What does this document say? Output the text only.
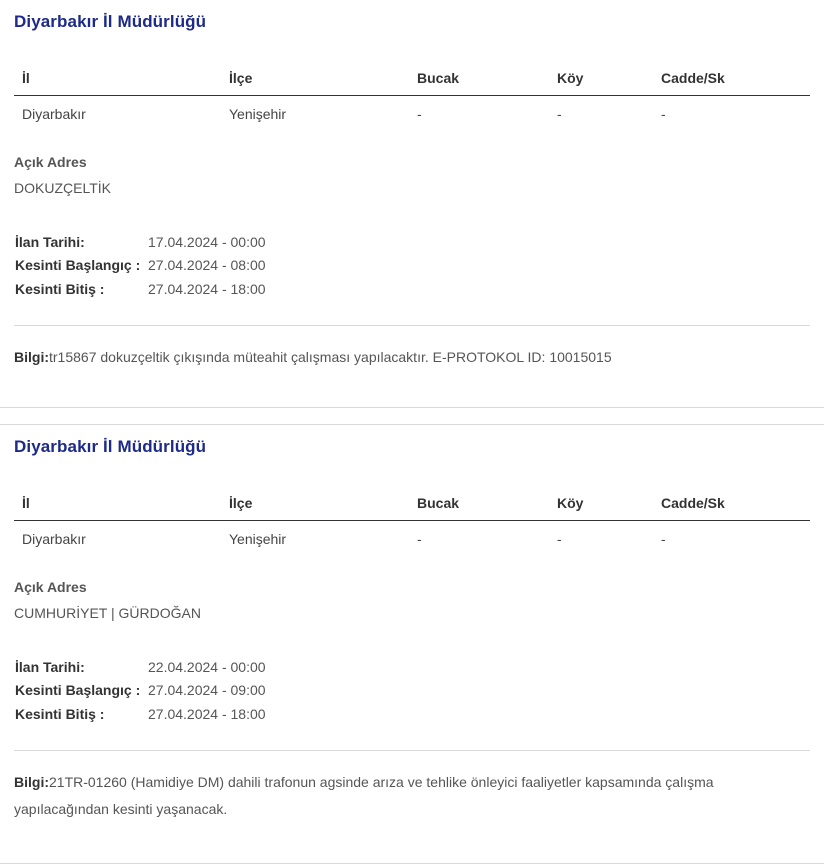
Diyarbakır İl Müdürlüğü
İl	İlçe	Bucak	Köy	Cadde/Sk
Diyarbakır	Yenişehir	-	-	-
Açık Adres
DOKUZÇELTİK
İlan Tarihi:	17.04.2024 - 00:00
Kesinti Başlangıç : 27.04.2024 - 08:00
Kesinti Bitiş :	27.04.2024 - 18:00
Bilgi:tr15867 dokuzçeltik çıkışında müteahit çalışması yapılacaktır. E-PROTOKOL ID: 10015015
Diyarbakır İl Müdürlüğü
İl	İlçe	Bucak	Köy	Cadde/Sk
Diyarbakır	Yenişehir	-	-	-
Açık Adres
CUMHURİYET | GÜRDOĞAN
İlan Tarihi:	22.04.2024 - 00:00
Kesinti Başlangıç : 27.04.2024 - 09:00
Kesinti Bitiş :	27.04.2024 - 18:00
Bilgi:21TR-01260 (Hamidiye DM) dahili trafonun agsinde arıza ve tehlike önleyici faaliyetler kapsamında çalışma yapılacağından kesinti yaşanacak.
